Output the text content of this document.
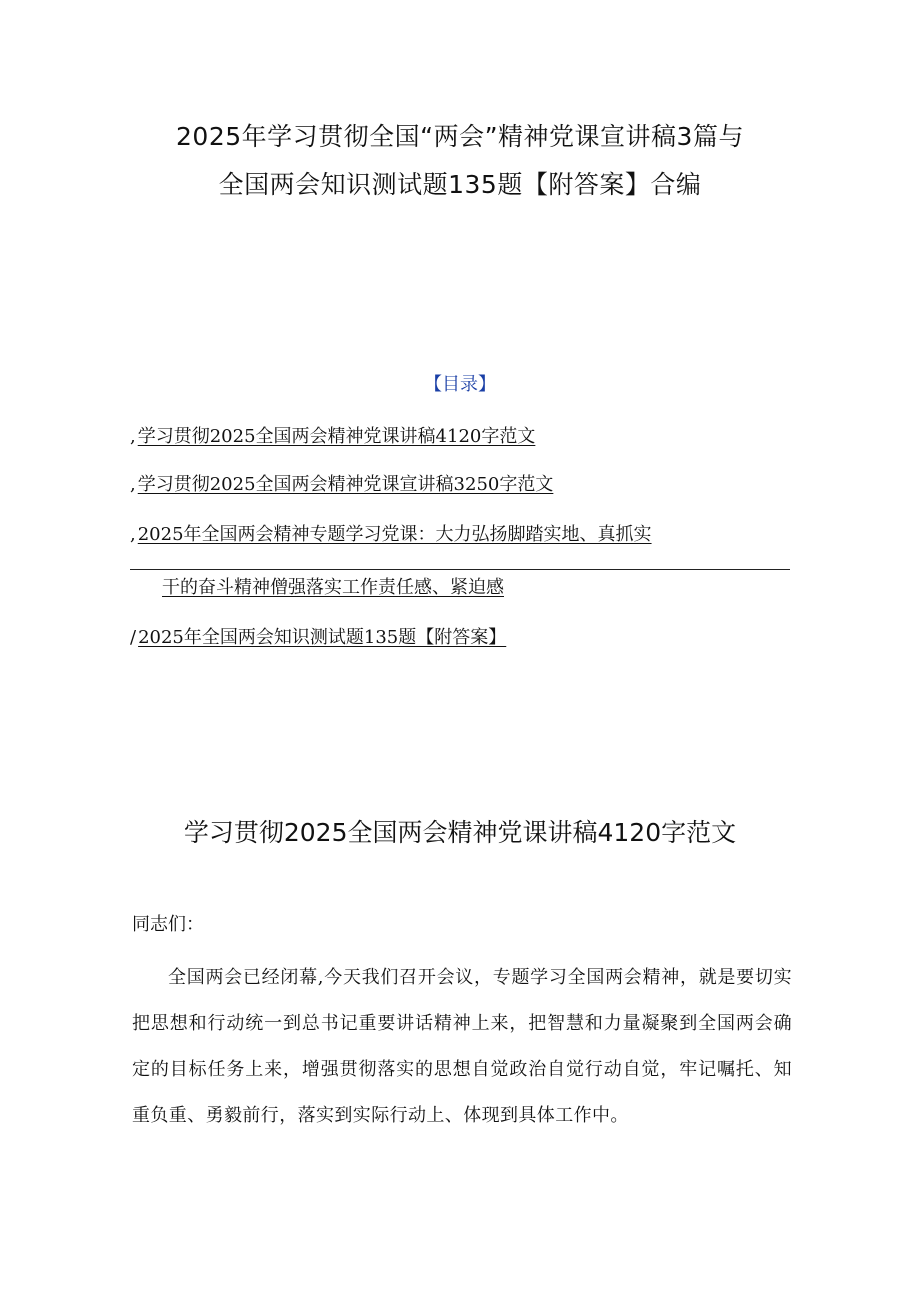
2025年学习贯彻全国“两会”精神党课宣讲稿3篇与
全国两会知识测试题135题【附答案】合编
【目录】
, 学习贯彻2025全国两会精神党课讲稿4120字范文
, 学习贯彻2025全国两会精神党课宣讲稿3250字范文
, 2025年全国两会精神专题学习党课：大力弘扬脚踏实地、真抓实
干的奋斗精神僧强落实工作责任感、紧迫感
/ 2025年全国两会知识测试题135题【附答案】
学习贯彻2025全国两会精神党课讲稿4120字范文
同志们：
全国两会已经闭幕,今天我们召开会议，专题学习全国两会精神，就是要切实把思想和行动统一到总书记重要讲话精神上来，把智慧和力量凝聚到全国两会确定的目标任务上来，增强贯彻落实的思想自觉政治自觉行动自觉，牢记嘱托、知重负重、勇毅前行，落实到实际行动上、体现到具体工作中。
